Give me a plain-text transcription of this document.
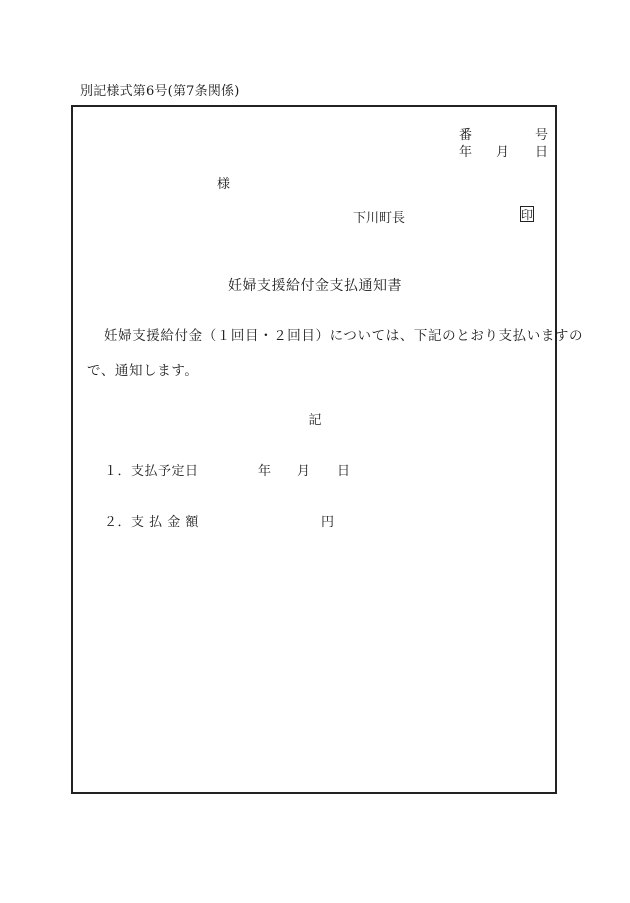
別記様式第6号(第7条関係)
番	号
年 月 日
様
下川町長	印
妊婦支援給付金支払通知書
妊婦支援給付金（１回目・２回目）については、下記のとおり支払いますの
で、通知します。
記
１．支払予定日	年 月 日
２．支 払 金 額	円
